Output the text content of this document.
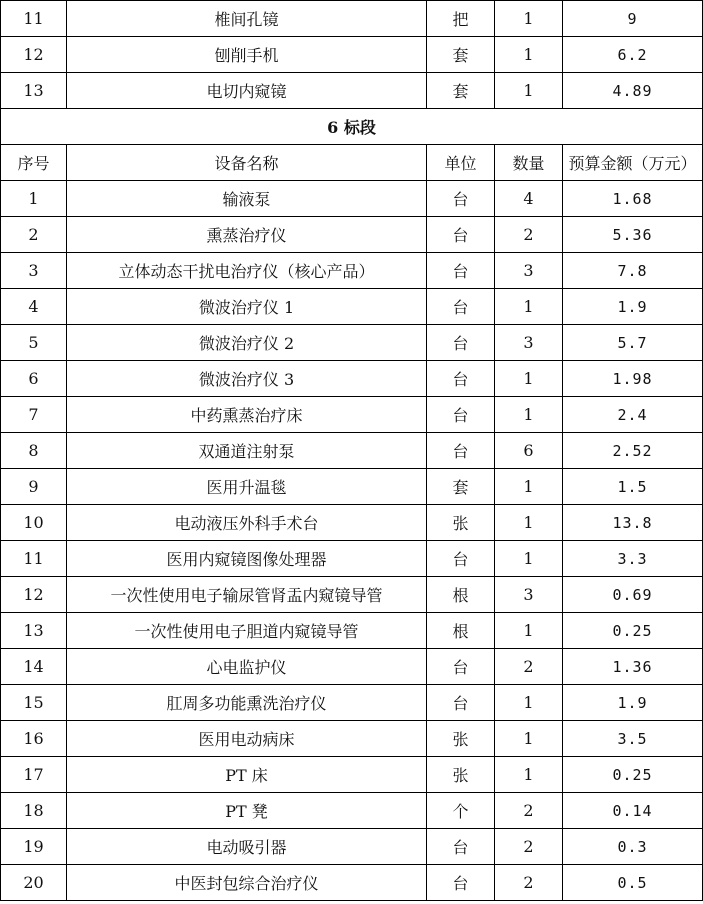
11	椎间孔镜	把	1	9
12	刨削手机	套	1	6.2
13	电切内窥镜	套	1	4.89
6 标段				
序号	设备名称	单位	数量	预算金额（万元）
1	输液泵	台	4	1.68
2	熏蒸治疗仪	台	2	5.36
3	立体动态干扰电治疗仪（核心产品）	台	3	7.8
4	微波治疗仪 1	台	1	1.9
5	微波治疗仪 2	台	3	5.7
6	微波治疗仪 3	台	1	1.98
7	中药熏蒸治疗床	台	1	2.4
8	双通道注射泵	台	6	2.52
9	医用升温毯	套	1	1.5
10	电动液压外科手术台	张	1	13.8
11	医用内窥镜图像处理器	台	1	3.3
12	一次性使用电子输尿管肾盂内窥镜导管	根	3	0.69
13	一次性使用电子胆道内窥镜导管	根	1	0.25
14	心电监护仪	台	2	1.36
15	肛周多功能熏洗治疗仪	台	1	1.9
16	医用电动病床	张	1	3.5
17	PT 床	张	1	0.25
18	PT 凳	个	2	0.14
19	电动吸引器	台	2	0.3
20	中医封包综合治疗仪	台	2	0.5
